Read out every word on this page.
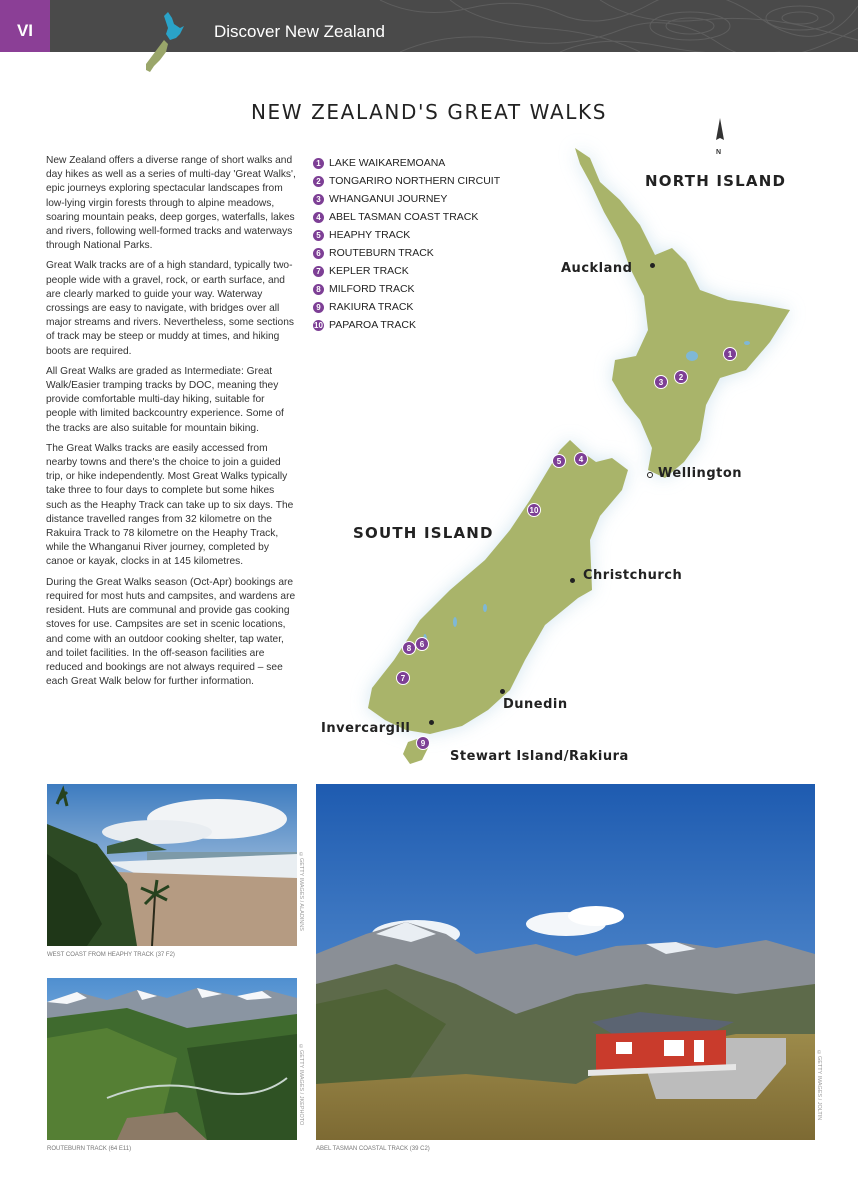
VI	Discover New Zealand
NEW ZEALAND'S GREAT WALKS

New Zealand offers a diverse range of short walks and day hikes as well as a series of multi-day 'Great Walks', epic journeys exploring spectacular landscapes from low-lying virgin forests through to alpine meadows, soaring mountain peaks, deep gorges, waterfalls, lakes and rivers, following well-formed tracks and waterways through National Parks.

Great Walk tracks are of a high standard, typically two-people wide with a gravel, rock, or earth surface, and are clearly marked to guide your way. Waterway crossings are easy to navigate, with bridges over all major streams and rivers. Nevertheless, some sections of track may be steep or muddy at times, and hiking boots are required.

All Great Walks are graded as Intermediate: Great Walk/Easier tramping tracks by DOC, meaning they provide comfortable multi-day hiking, suitable for people with limited backcountry experience. Some of the tracks are also suitable for mountain biking.

The Great Walks tracks are easily accessed from nearby towns and there's the choice to join a guided trip, or hike independently. Most Great Walks typically take three to four days to complete but some hikes such as the Heaphy Track can take up to six days. The distance travelled ranges from 32 kilometre on the Rakuira Track to 78 kilometre on the Heaphy Track, while the Whanganui River journey, completed by canoe or kayak, clocks in at 145 kilometres.

During the Great Walks season (Oct-Apr) bookings are required for most huts and campsites, and wardens are resident. Huts are communal and provide gas cooking stoves for use. Campsites are set in scenic locations, and come with an outdoor cooking shelter, tap water, and toilet facilities. In the off-season facilities are reduced and bookings are not always required – see each Great Walk below for further information.

N
1 LAKE WAIKAREMOANA
2 TONGARIRO NORTHERN CIRCUIT
3 WHANGANUI JOURNEY
4 ABEL TASMAN COAST TRACK
5 HEAPHY TRACK
6 ROUTEBURN TRACK
7 KEPLER TRACK
8 MILFORD TRACK
9 RAKIURA TRACK
10 PAPAROA TRACK
NORTH ISLAND
SOUTH ISLAND
Auckland
Wellington
Christchurch
Dunedin
Invercargill
Stewart Island/Rakiura
1
2
3
4
5
6
7
8
9
10
WEST COAST FROM HEAPHY TRACK (37 F2)
©GETTY IMAGES / ALADINNS
ROUTEBURN TRACK (64 E11)
©GETTY IMAGES / JKEPHOTO
ABEL TASMAN COASTAL TRACK (39 C2)
©GETTY IMAGES / JOLTIN
